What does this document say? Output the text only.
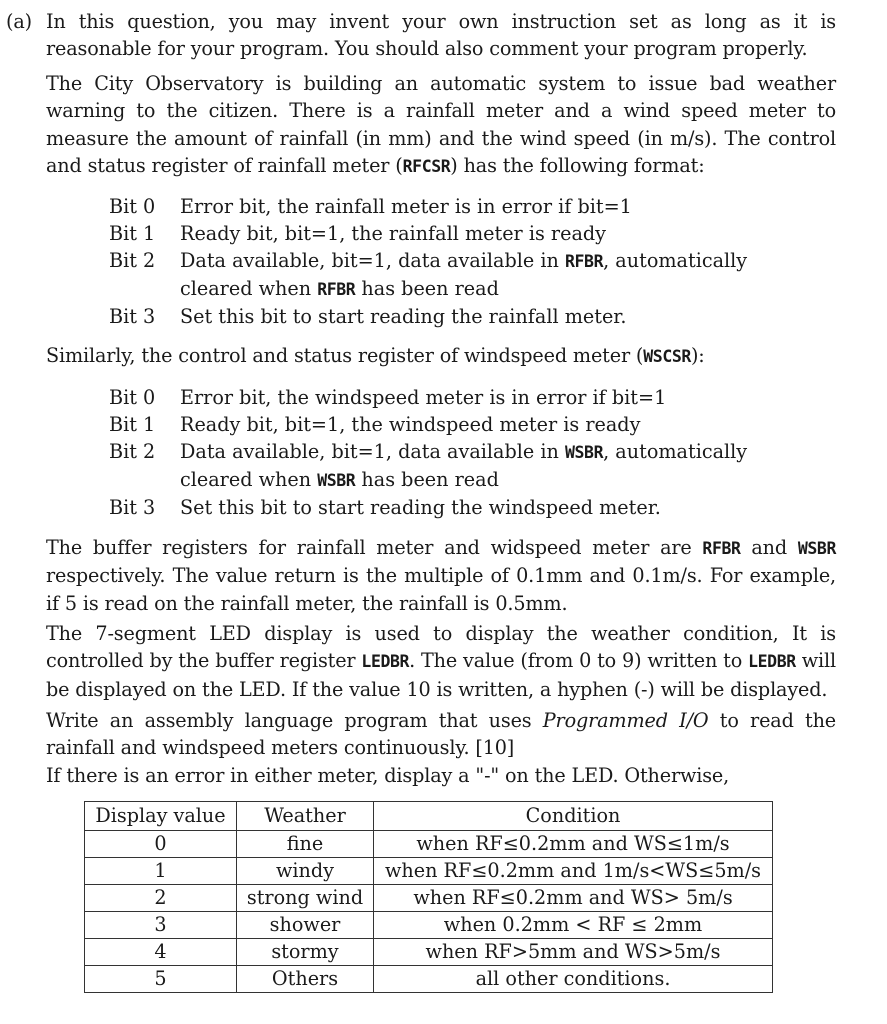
(a) In this question, you may invent your own instruction set as long as it is reasonable for your program. You should also comment your program properly.
The City Observatory is building an automatic system to issue bad weather warning to the citizen. There is a rainfall meter and a wind speed meter to measure the amount of rainfall (in mm) and the wind speed (in m/s). The control and status register of rainfall meter (RFCSR) has the following format:
Bit 0	Error bit, the rainfall meter is in error if bit=1
Bit 1	Ready bit, bit=1, the rainfall meter is ready
Bit 2	Data available, bit=1, data available in RFBR, automatically cleared when RFBR has been read
Bit 3	Set this bit to start reading the rainfall meter.
Similarly, the control and status register of windspeed meter (WSCSR):
Bit 0	Error bit, the windspeed meter is in error if bit=1
Bit 1	Ready bit, bit=1, the windspeed meter is ready
Bit 2	Data available, bit=1, data available in WSBR, automatically cleared when WSBR has been read
Bit 3	Set this bit to start reading the windspeed meter.
The buffer registers for rainfall meter and widspeed meter are RFBR and WSBR respectively. The value return is the multiple of 0.1mm and 0.1m/s. For example, if 5 is read on the rainfall meter, the rainfall is 0.5mm.
The 7-segment LED display is used to display the weather condition, It is controlled by the buffer register LEDBR. The value (from 0 to 9) written to LEDBR will be displayed on the LED. If the value 10 is written, a hyphen (-) will be displayed.
Write an assembly language program that uses Programmed I/O to read the rainfall and windspeed meters continuously. [10]
If there is an error in either meter, display a "-" on the LED. Otherwise,
Display value	Weather	Condition
0	fine	when RF≤0.2mm and WS≤1m/s
1	windy	when RF≤0.2mm and 1m/s<WS≤5m/s
2	strong wind	when RF≤0.2mm and WS> 5m/s
3	shower	when 0.2mm < RF ≤ 2mm
4	stormy	when RF>5mm and WS>5m/s
5	Others	all other conditions.
